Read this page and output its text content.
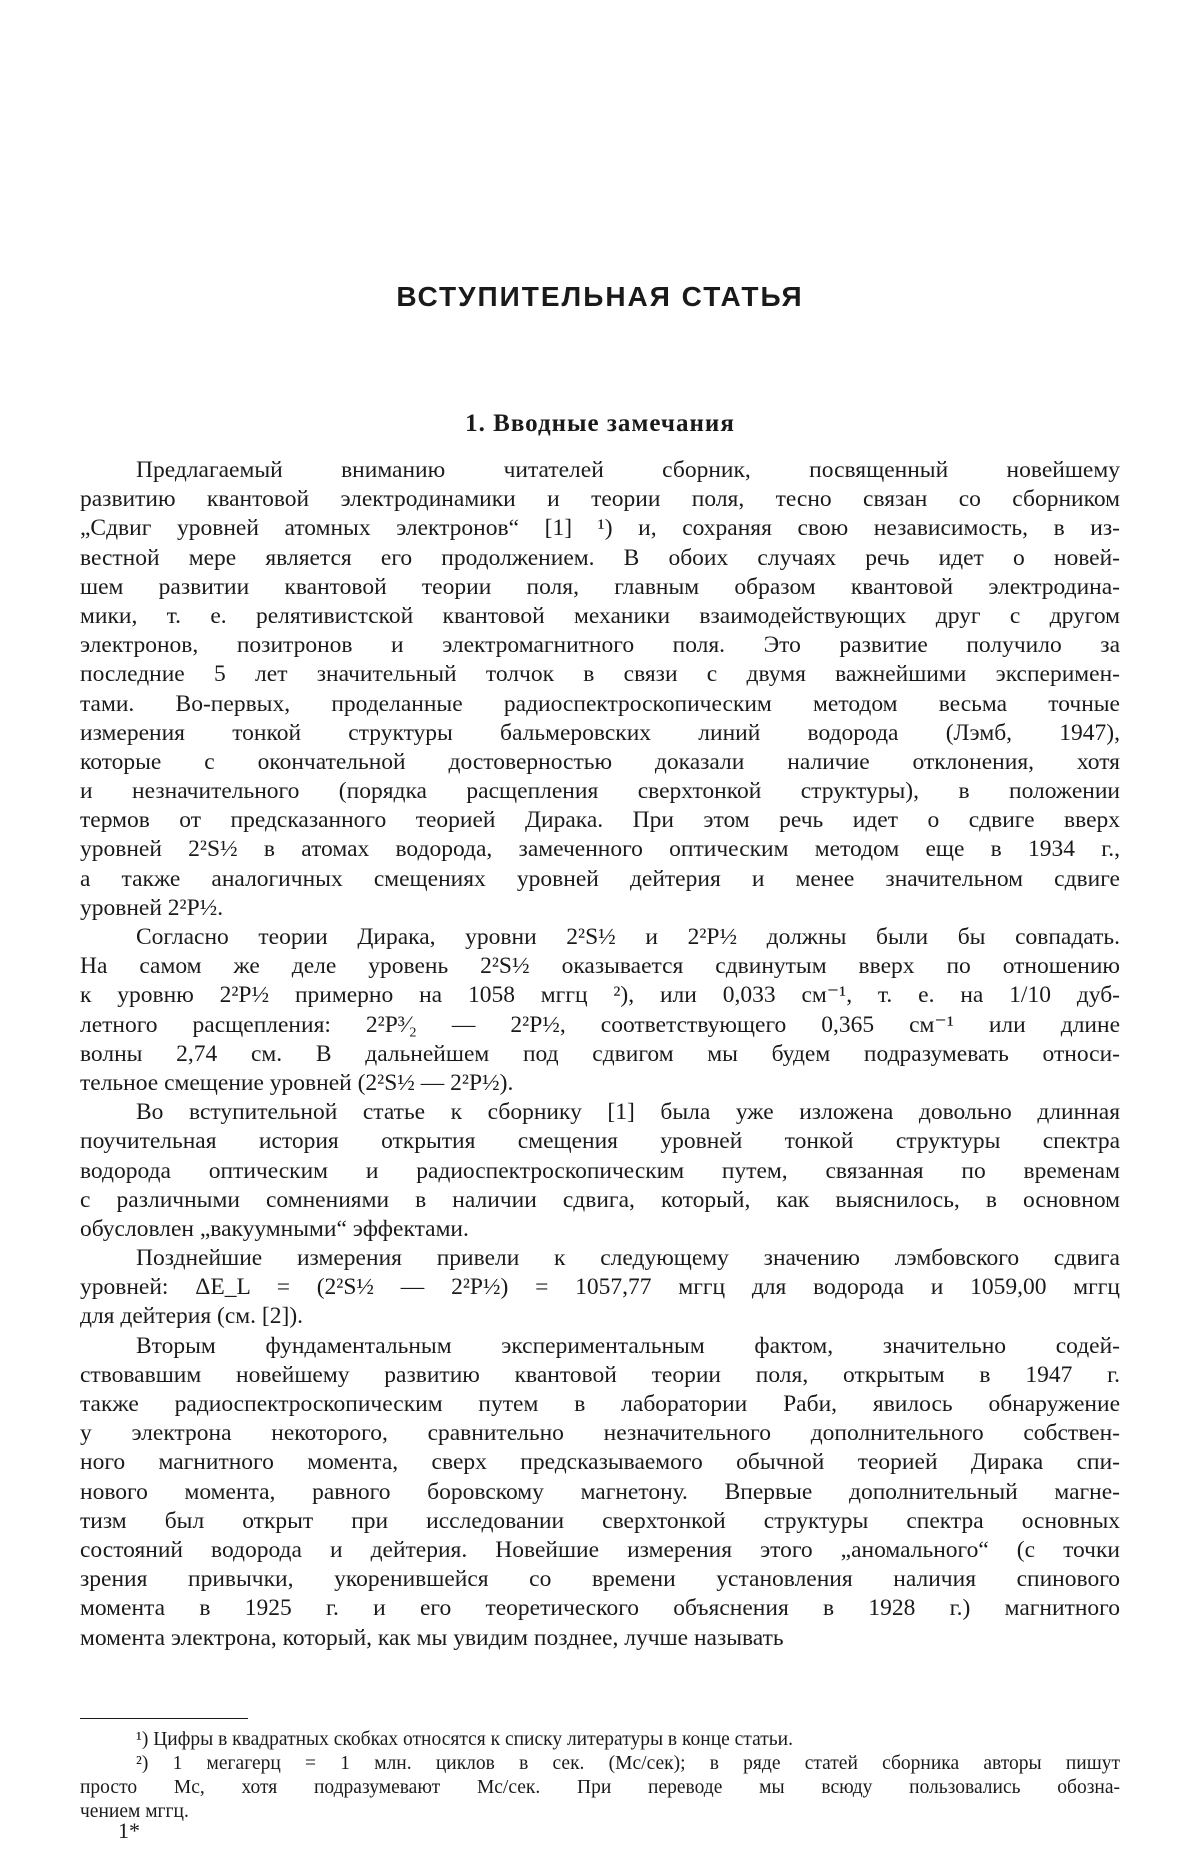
ВСТУПИТЕЛЬНАЯ СТАТЬЯ
1. Вводные замечания
Предлагаемый вниманию читателей сборник, посвященный новейшему
развитию квантовой электродинамики и теории поля, тесно связан со сборником
„Сдвиг уровней атомных электронов“ [1] ¹) и, сохраняя свою независимость, в из-
вестной мере является его продолжением. В обоих случаях речь идет о новей-
шем развитии квантовой теории поля, главным образом квантовой электродина-
мики, т. е. релятивистской квантовой механики взаимодействующих друг с другом
электронов, позитронов и электромагнитного поля. Это развитие получило за
последние 5 лет значительный толчок в связи с двумя важнейшими эксперимен-
тами. Во-первых, проделанные радиоспектроскопическим методом весьма точные
измерения тонкой структуры бальмеровских линий водорода (Лэмб, 1947),
которые с окончательной достоверностью доказали наличие отклонения, хотя
и незначительного (порядка расщепления сверхтонкой структуры), в положении
термов от предсказанного теорией Дирака. При этом речь идет о сдвиге вверх
уровней 2²S½ в атомах водорода, замеченного оптическим методом еще в 1934 г.,
а также аналогичных смещениях уровней дейтерия и менее значительном сдвиге
уровней 2²P½.
Согласно теории Дирака, уровни 2²S½ и 2²P½ должны были бы совпадать.
На самом же деле уровень 2²S½ оказывается сдвинутым вверх по отношению
к уровню 2²P½ примерно на 1058 мггц ²), или 0,033 см⁻¹, т. е. на 1/10 дуб-
летного расщепления: 2²P³⁄₂ — 2²P½, соответствующего 0,365 см⁻¹ или длине
волны 2,74 см. В дальнейшем под сдвигом мы будем подразумевать относи-
тельное смещение уровней (2²S½ — 2²P½).
Во вступительной статье к сборнику [1] была уже изложена довольно длинная
поучительная история открытия смещения уровней тонкой структуры спектра
водорода оптическим и радиоспектроскопическим путем, связанная по временам
с различными сомнениями в наличии сдвига, который, как выяснилось, в основном
обусловлен „вакуумными“ эффектами.
Позднейшие измерения привели к следующему значению лэмбовского сдвига
уровней: ΔE_L = (2²S½ — 2²P½) = 1057,77 мггц для водорода и 1059,00 мггц
для дейтерия (см. [2]).
Вторым фундаментальным экспериментальным фактом, значительно содей-
ствовавшим новейшему развитию квантовой теории поля, открытым в 1947 г.
также радиоспектроскопическим путем в лаборатории Раби, явилось обнаружение
у электрона некоторого, сравнительно незначительного дополнительного собствен-
ного магнитного момента, сверх предсказываемого обычной теорией Дирака спи-
нового момента, равного боровскому магнетону. Впервые дополнительный магне-
тизм был открыт при исследовании сверхтонкой структуры спектра основных
состояний водорода и дейтерия. Новейшие измерения этого „аномального“ (с точки
зрения привычки, укоренившейся со времени установления наличия спинового
момента в 1925 г. и его теоретического объяснения в 1928 г.) магнитного
момента электрона, который, как мы увидим позднее, лучше называть
¹) Цифры в квадратных скобках относятся к списку литературы в конце статьи.
²) 1 мегагерц = 1 млн. циклов в сек. (Мс/сек); в ряде статей сборника авторы пишут
просто Мс, хотя подразумевают Мс/сек. При переводе мы всюду пользовались обозна-
чением мггц.
1*
